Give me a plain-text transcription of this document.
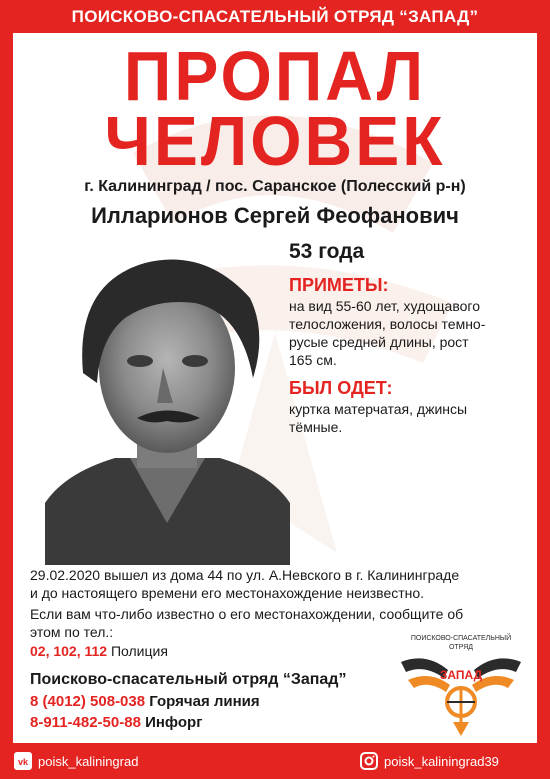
ПОИСКОВО-СПАСАТЕЛЬНЫЙ ОТРЯД “ЗАПАД”
ПРОПАЛ
ЧЕЛОВЕК
г. Калининград / пос. Саранское (Полесский р-н)
Илларионов Сергей Феофанович
53 года
ПРИМЕТЫ:
на вид 55-60 лет, худощавого
телосложения, волосы темно-
русые средней длины, рост
165 см.
БЫЛ ОДЕТ:
куртка матерчатая, джинсы
тёмные.
29.02.2020 вышел из дома 44 по ул. А.Невского в г. Калининграде
и до настоящего времени его местонахождение неизвестно.
Если вам что-либо известно о его местонахождении, сообщите об
этом по тел.:
02, 102, 112 Полиция
Поисково-спасательный отряд “Запад”
8 (4012) 508-038 Горячая линия
8-911-482-50-88 Инфорг
ПОИСКОВО-СПАСАТЕЛЬНЫЙ
ОТРЯД
ЗАПАД
vk poisk_kaliningrad	poisk_kaliningrad39
